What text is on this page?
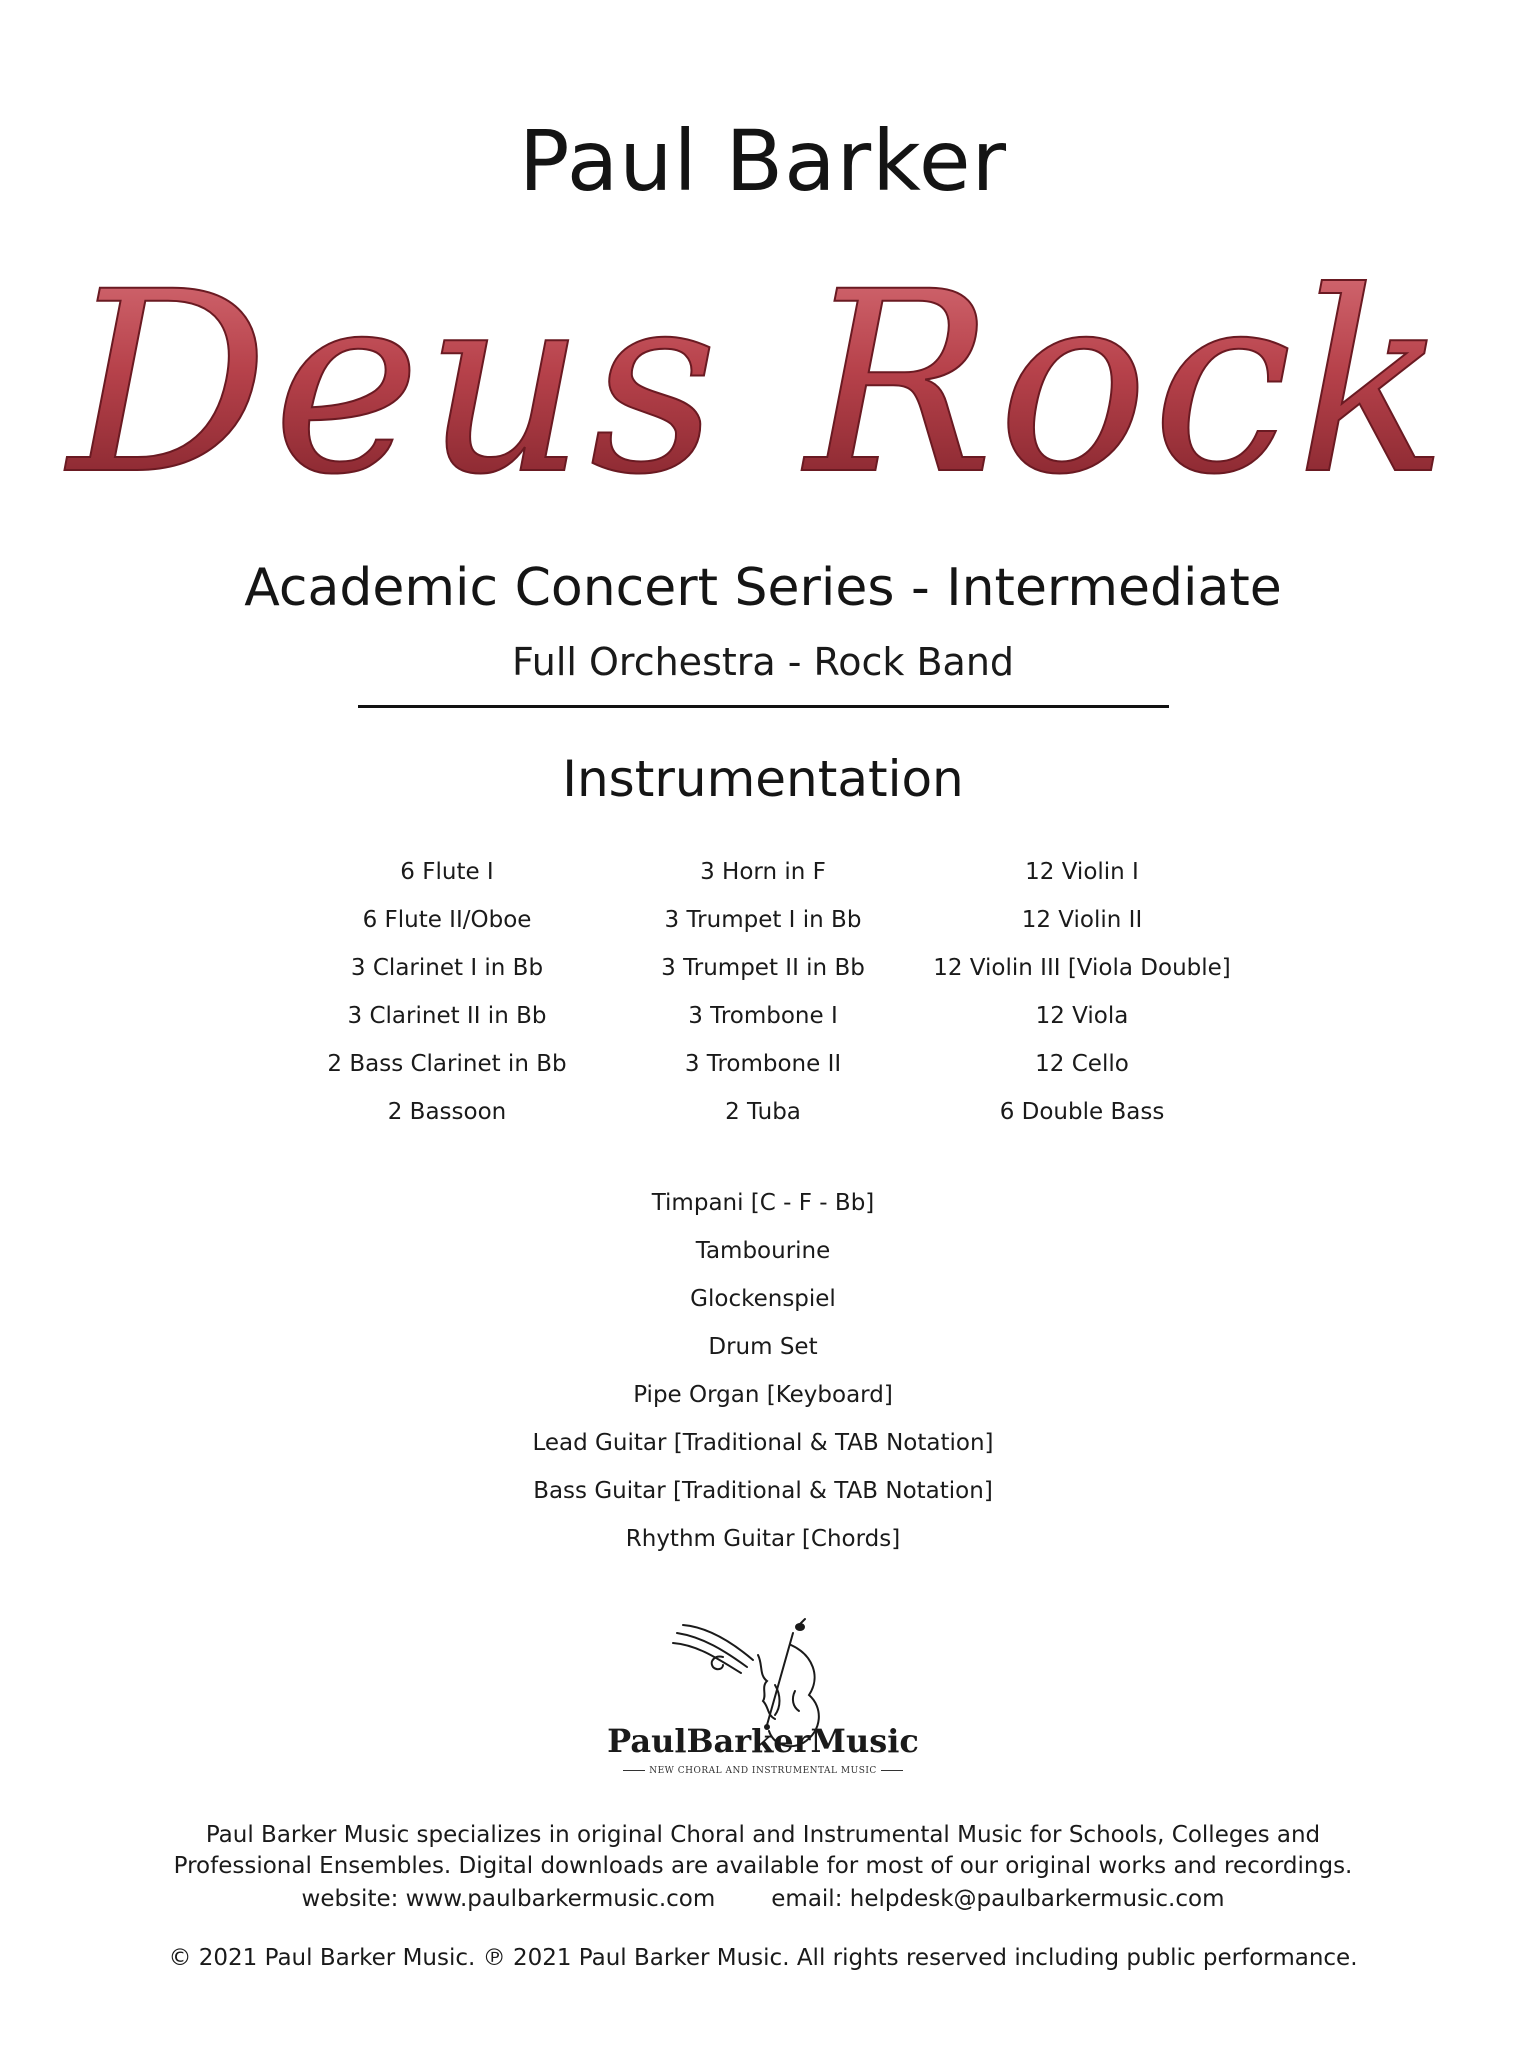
Paul Barker
Deus Rock
Academic Concert Series - Intermediate
Full Orchestra - Rock Band
Instrumentation
6 Flute I
6 Flute II/Oboe
3 Clarinet I in Bb
3 Clarinet II in Bb
2 Bass Clarinet in Bb
2 Bassoon
3 Horn in F
3 Trumpet I in Bb
3 Trumpet II in Bb
3 Trombone I
3 Trombone II
2 Tuba
12 Violin I
12 Violin II
12 Violin III [Viola Double]
12 Viola
12 Cello
6 Double Bass
Timpani [C - F - Bb]
Tambourine
Glockenspiel
Drum Set
Pipe Organ [Keyboard]
Lead Guitar [Traditional & TAB Notation]
Bass Guitar [Traditional & TAB Notation]
Rhythm Guitar [Chords]
PaulBarkerMusic
NEW CHORAL AND INSTRUMENTAL MUSIC
Paul Barker Music specializes in original Choral and Instrumental Music for Schools, Colleges and
Professional Ensembles. Digital downloads are available for most of our original works and recordings.
website: www.paulbarkermusic.com email: helpdesk@paulbarkermusic.com
© 2021 Paul Barker Music. ℗ 2021 Paul Barker Music. All rights reserved including public performance.
